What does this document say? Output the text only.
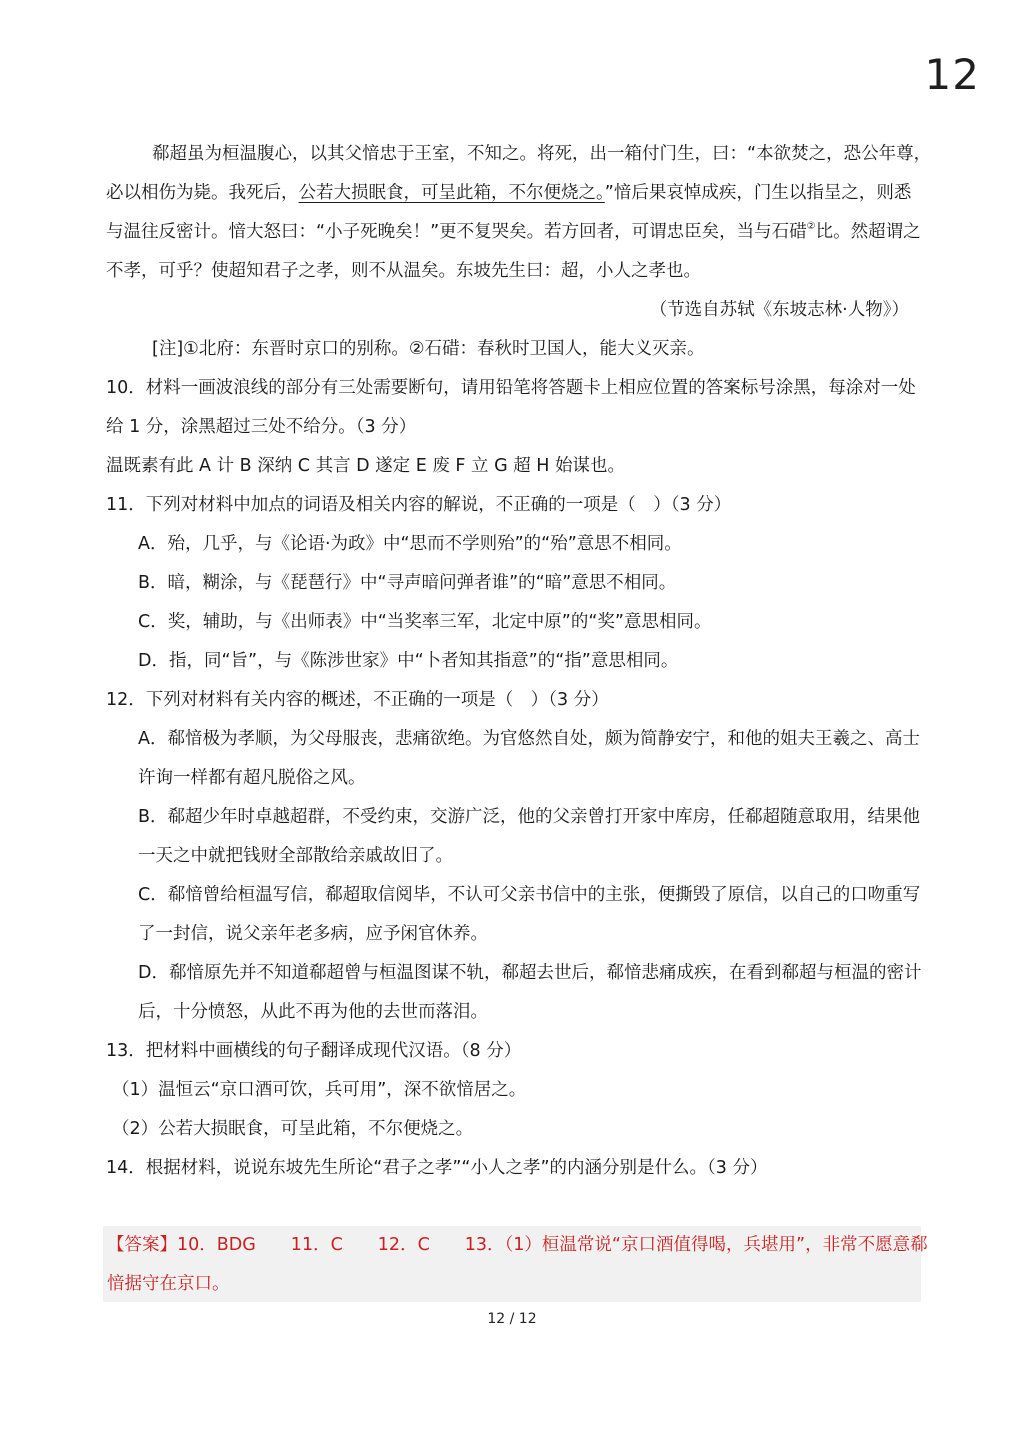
12
郗超虽为桓温腹心，以其父愔忠于王室，不知之。将死，出一箱付门生，曰：“本欲焚之，恐公年尊，
必以相伤为毙。我死后，公若大损眠食，可呈此箱，不尔便烧之。”愔后果哀悼成疾，门生以指呈之，则悉
与温往反密计。愔大怒曰：“小子死晚矣！”更不复哭矣。若方回者，可谓忠臣矣，当与石碏②比。然超谓之
不孝，可乎？使超知君子之孝，则不从温矣。东坡先生曰：超，小人之孝也。
（节选自苏轼《东坡志林·人物》）
[注]①北府：东晋时京口的别称。②石碏：春秋时卫国人，能大义灭亲。
10．材料一画波浪线的部分有三处需要断句，请用铅笔将答题卡上相应位置的答案标号涂黑，每涂对一处
给 1 分，涂黑超过三处不给分。（3 分）
温既素有此 A 计 B 深纳 C 其言 D 遂定 E 废 F 立 G 超 H 始谋也。
11．下列对材料中加点的词语及相关内容的解说，不正确的一项是（　）（3 分）
A．殆，几乎，与《论语·为政》中“思而不学则殆”的“殆”意思不相同。
B．暗，糊涂，与《琵琶行》中“寻声暗问弹者谁”的“暗”意思不相同。
C．奖，辅助，与《出师表》中“当奖率三军，北定中原”的“奖”意思相同。
D．指，同“旨”，与《陈涉世家》中“卜者知其指意”的“指”意思相同。
12．下列对材料有关内容的概述，不正确的一项是（　）（3 分）
A．郗愔极为孝顺，为父母服丧，悲痛欲绝。为官悠然自处，颇为简静安宁，和他的姐夫王羲之、高士
许询一样都有超凡脱俗之风。
B．郗超少年时卓越超群，不受约束，交游广泛，他的父亲曾打开家中库房，任郗超随意取用，结果他
一天之中就把钱财全部散给亲戚故旧了。
C．郗愔曾给桓温写信，郗超取信阅毕，不认可父亲书信中的主张，便撕毁了原信，以自己的口吻重写
了一封信，说父亲年老多病，应予闲官休养。
D．郗愔原先并不知道郗超曾与桓温图谋不轨，郗超去世后，郗愔悲痛成疾，在看到郗超与桓温的密计
后，十分愤怒，从此不再为他的去世而落泪。
13．把材料中画横线的句子翻译成现代汉语。（8 分）
（1）温恒云“京口酒可饮，兵可用”，深不欲愔居之。
（2）公若大损眠食，可呈此箱，不尔便烧之。
14．根据材料，说说东坡先生所论“君子之孝”“小人之孝”的内涵分别是什么。（3 分）
【答案】10．BDG　　11．C　　12．C　　13．（1）桓温常说“京口酒值得喝，兵堪用”，非常不愿意郗
愔据守在京口。
12 / 12
